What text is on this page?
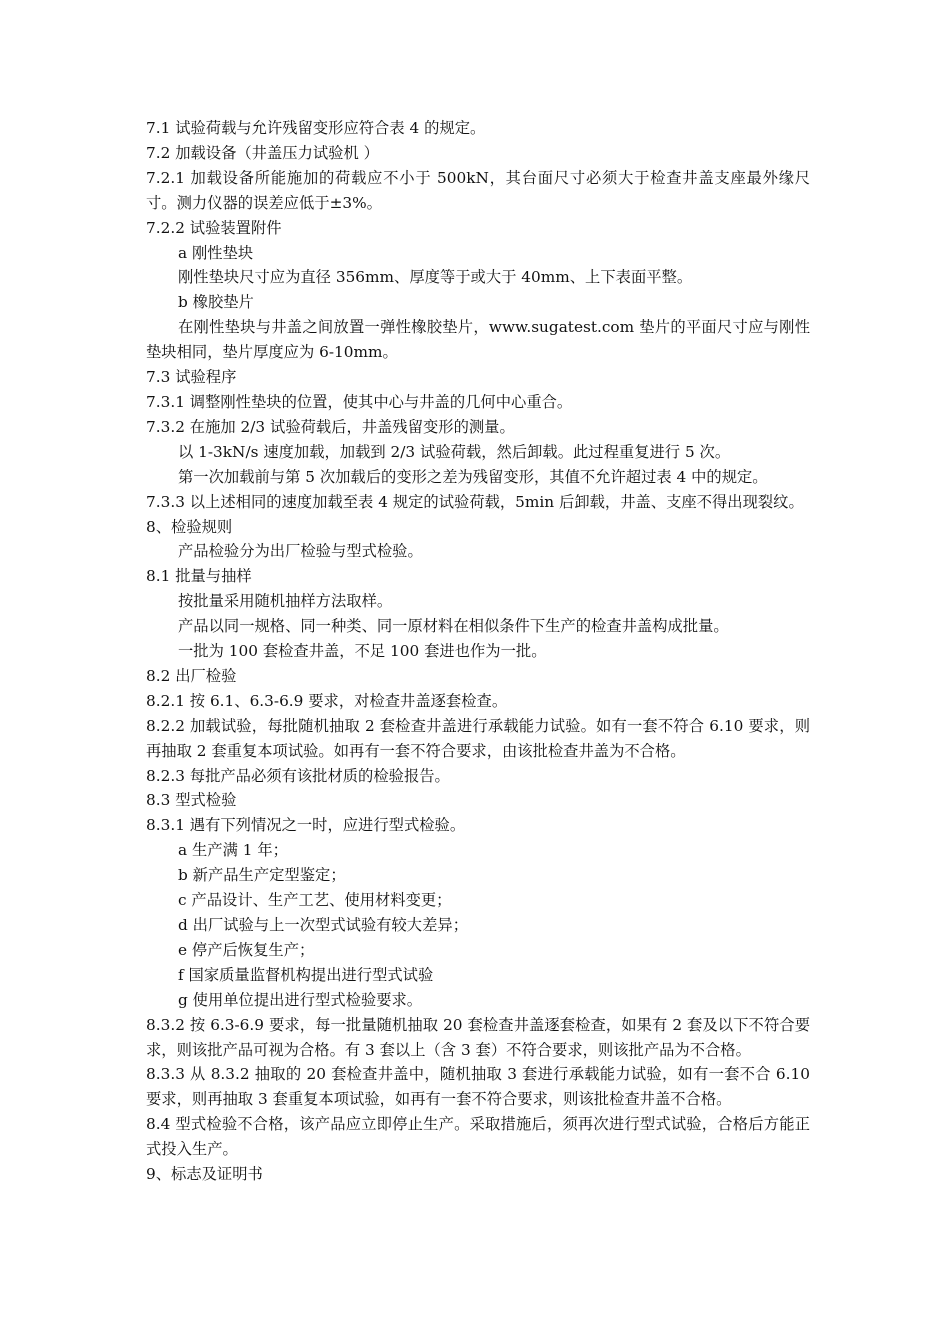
7.1 试验荷载与允许残留变形应符合表 4 的规定。

7.2 加载设备（井盖压力试验机 ）

7.2.1 加载设备所能施加的荷载应不小于 500kN，其台面尺寸必须大于检查井盖支座最外缘尺寸。测力仪器的误差应低于±3%。

7.2.2 试验装置附件

a 刚性垫块

刚性垫块尺寸应为直径 356mm、厚度等于或大于 40mm、上下表面平整。

b 橡胶垫片

在刚性垫块与井盖之间放置一弹性橡胶垫片，www.sugatest.com 垫片的平面尺寸应与刚性垫块相同，垫片厚度应为 6-10mm。

7.3 试验程序

7.3.1 调整刚性垫块的位置，使其中心与井盖的几何中心重合。

7.3.2 在施加 2/3 试验荷载后，井盖残留变形的测量。

以 1-3kN/s 速度加载，加载到 2/3 试验荷载，然后卸载。此过程重复进行 5 次。

第一次加载前与第 5 次加载后的变形之差为残留变形，其值不允许超过表 4 中的规定。

7.3.3 以上述相同的速度加载至表 4 规定的试验荷载，5min 后卸载，井盖、支座不得出现裂纹。

8、检验规则

产品检验分为出厂检验与型式检验。

8.1 批量与抽样

按批量采用随机抽样方法取样。

产品以同一规格、同一种类、同一原材料在相似条件下生产的检查井盖构成批量。

一批为 100 套检查井盖，不足 100 套进也作为一批。

8.2 出厂检验

8.2.1 按 6.1、6.3-6.9 要求，对检查井盖逐套检查。

8.2.2 加载试验，每批随机抽取 2 套检查井盖进行承载能力试验。如有一套不符合 6.10 要求，则再抽取 2 套重复本项试验。如再有一套不符合要求，由该批检查井盖为不合格。

8.2.3 每批产品必须有该批材质的检验报告。

8.3 型式检验

8.3.1 遇有下列情况之一时，应进行型式检验。

a 生产满 1 年；

b 新产品生产定型鉴定；

c 产品设计、生产工艺、使用材料变更；

d 出厂试验与上一次型式试验有较大差异；

e 停产后恢复生产；

f 国家质量监督机构提出进行型式试验

g 使用单位提出进行型式检验要求。

8.3.2 按 6.3-6.9 要求，每一批量随机抽取 20 套检查井盖逐套检查，如果有 2 套及以下不符合要求，则该批产品可视为合格。有 3 套以上（含 3 套）不符合要求，则该批产品为不合格。

8.3.3 从 8.3.2 抽取的 20 套检查井盖中，随机抽取 3 套进行承载能力试验，如有一套不合 6.10 要求，则再抽取 3 套重复本项试验，如再有一套不符合要求，则该批检查井盖不合格。

8.4 型式检验不合格，该产品应立即停止生产。采取措施后，须再次进行型式试验，合格后方能正式投入生产。

9、标志及证明书
